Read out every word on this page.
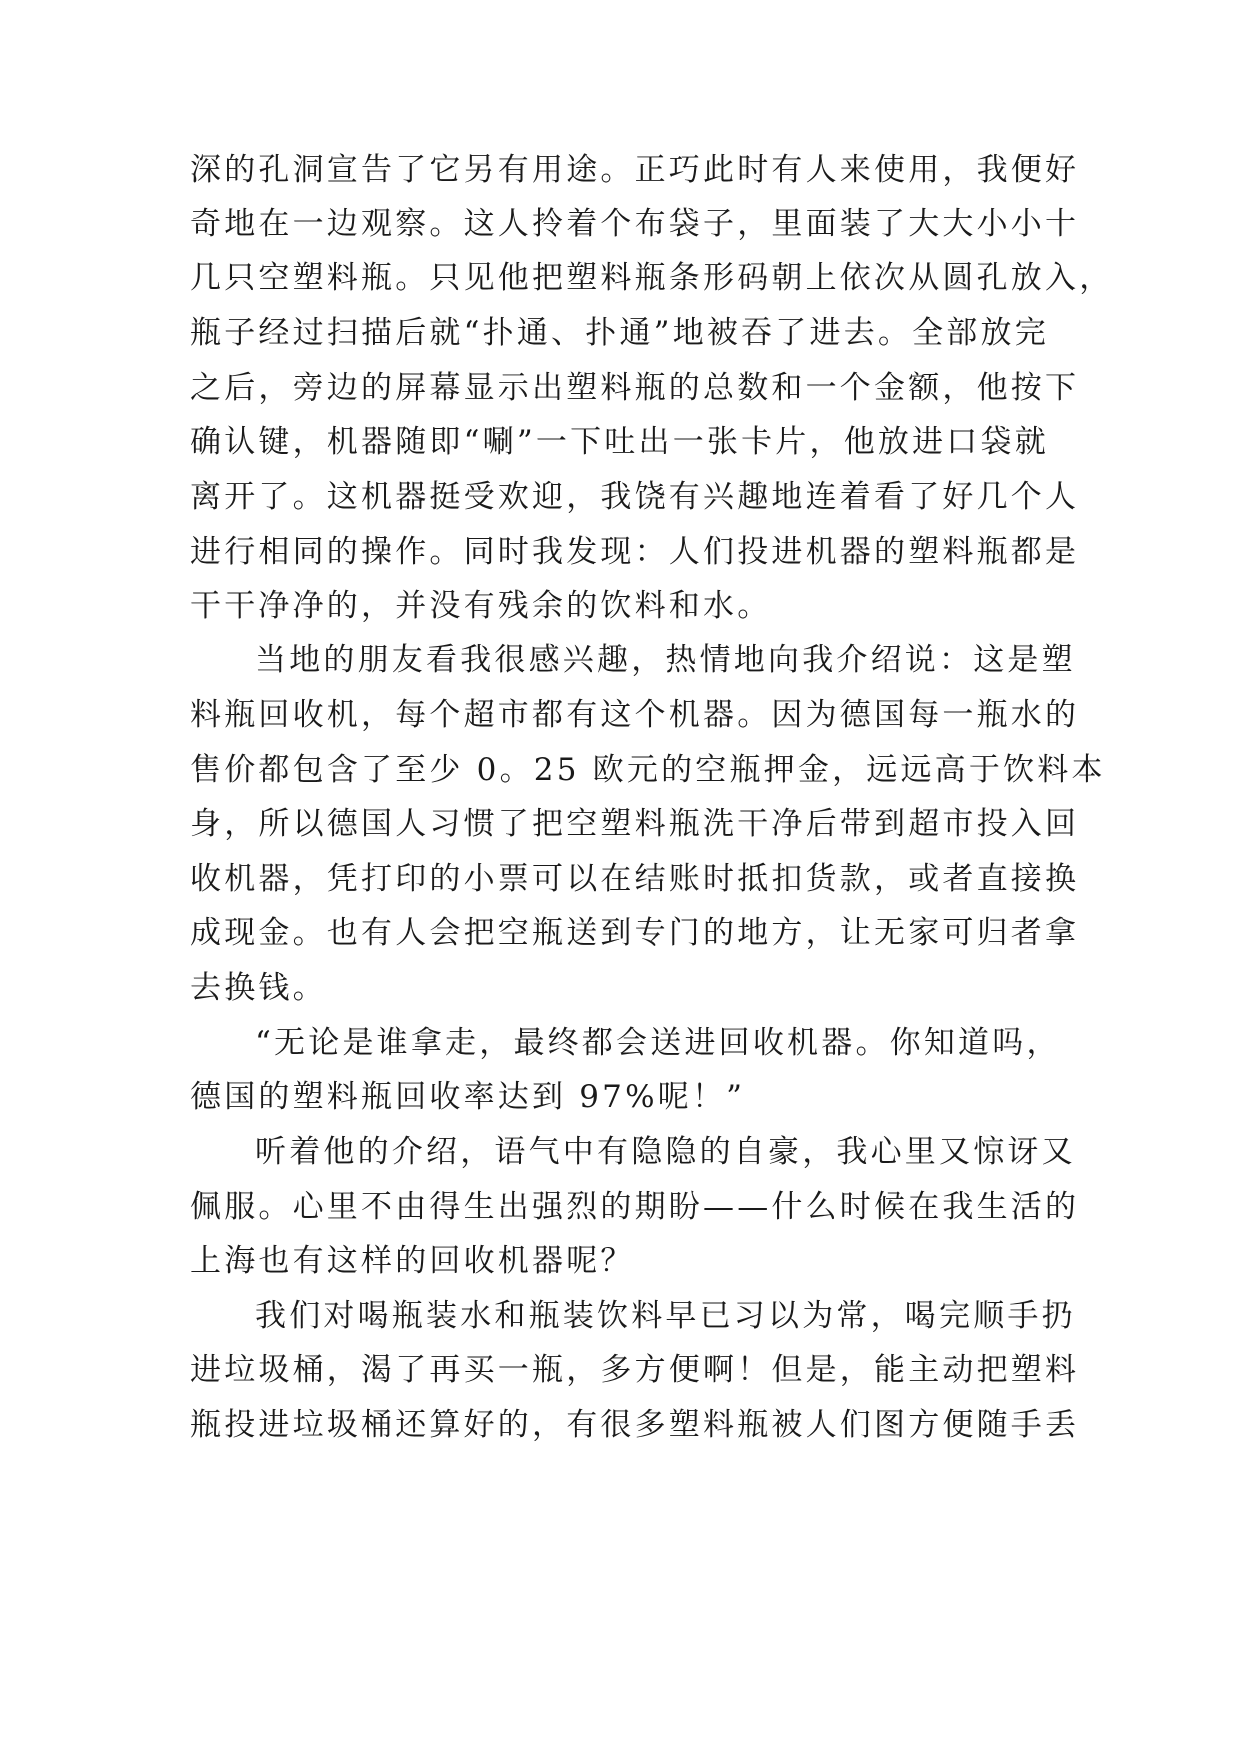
深的孔洞宣告了它另有用途。正巧此时有人来使用，我便好
奇地在一边观察。这人拎着个布袋子，里面装了大大小小十
几只空塑料瓶。只见他把塑料瓶条形码朝上依次从圆孔放入，
瓶子经过扫描后就“扑通、扑通”地被吞了进去。全部放完
之后，旁边的屏幕显示出塑料瓶的总数和一个金额，他按下
确认键，机器随即“唰”一下吐出一张卡片，他放进口袋就
离开了。这机器挺受欢迎，我饶有兴趣地连着看了好几个人
进行相同的操作。同时我发现：人们投进机器的塑料瓶都是
干干净净的，并没有残余的饮料和水。
当地的朋友看我很感兴趣，热情地向我介绍说：这是塑
料瓶回收机，每个超市都有这个机器。因为德国每一瓶水的
售价都包含了至少 0。25 欧元的空瓶押金，远远高于饮料本
身，所以德国人习惯了把空塑料瓶洗干净后带到超市投入回
收机器，凭打印的小票可以在结账时抵扣货款，或者直接换
成现金。也有人会把空瓶送到专门的地方，让无家可归者拿
去换钱。
“无论是谁拿走，最终都会送进回收机器。你知道吗，
德国的塑料瓶回收率达到 97%呢！”
听着他的介绍，语气中有隐隐的自豪，我心里又惊讶又
佩服。心里不由得生出强烈的期盼——什么时候在我生活的
上海也有这样的回收机器呢？
我们对喝瓶装水和瓶装饮料早已习以为常，喝完顺手扔
进垃圾桶，渴了再买一瓶，多方便啊！但是，能主动把塑料
瓶投进垃圾桶还算好的，有很多塑料瓶被人们图方便随手丢
